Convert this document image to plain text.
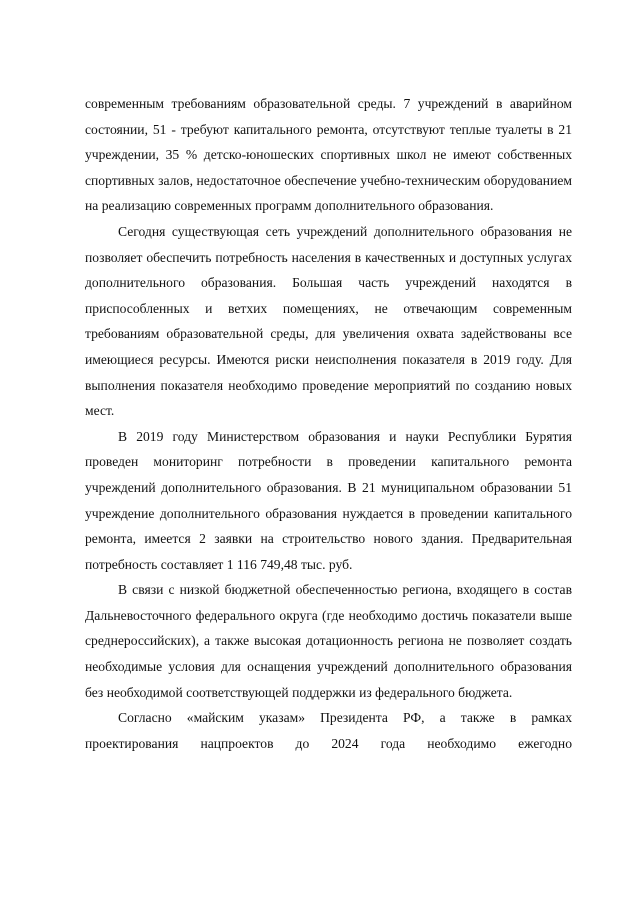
современным требованиям образовательной среды. 7 учреждений в аварийном состоянии, 51 - требуют капитального ремонта, отсутствуют теплые туалеты в 21 учреждении, 35 % детско-юношеских спортивных школ не имеют собственных спортивных залов, недостаточное обеспечение учебно-техническим оборудованием на реализацию современных программ дополнительного образования.

Сегодня существующая сеть учреждений дополнительного образования не позволяет обеспечить потребность населения в качественных и доступных услугах дополнительного образования. Большая часть учреждений находятся в приспособленных и ветхих помещениях, не отвечающим современным требованиям образовательной среды, для увеличения охвата задействованы все имеющиеся ресурсы. Имеются риски неисполнения показателя в 2019 году. Для выполнения показателя необходимо проведение мероприятий по созданию новых мест.

В 2019 году Министерством образования и науки Республики Бурятия проведен мониторинг потребности в проведении капитального ремонта учреждений дополнительного образования. В 21 муниципальном образовании 51 учреждение дополнительного образования нуждается в проведении капитального ремонта, имеется 2 заявки на строительство нового здания. Предварительная потребность составляет 1 116 749,48 тыс. руб.

В связи с низкой бюджетной обеспеченностью региона, входящего в состав Дальневосточного федерального округа (где необходимо достичь показатели выше среднероссийских), а также высокая дотационность региона не позволяет создать необходимые условия для оснащения учреждений дополнительного образования без необходимой соответствующей поддержки из федерального бюджета.

Согласно «майским указам» Президента РФ, а также в рамках проектирования нацпроектов до 2024 года необходимо ежегодно
